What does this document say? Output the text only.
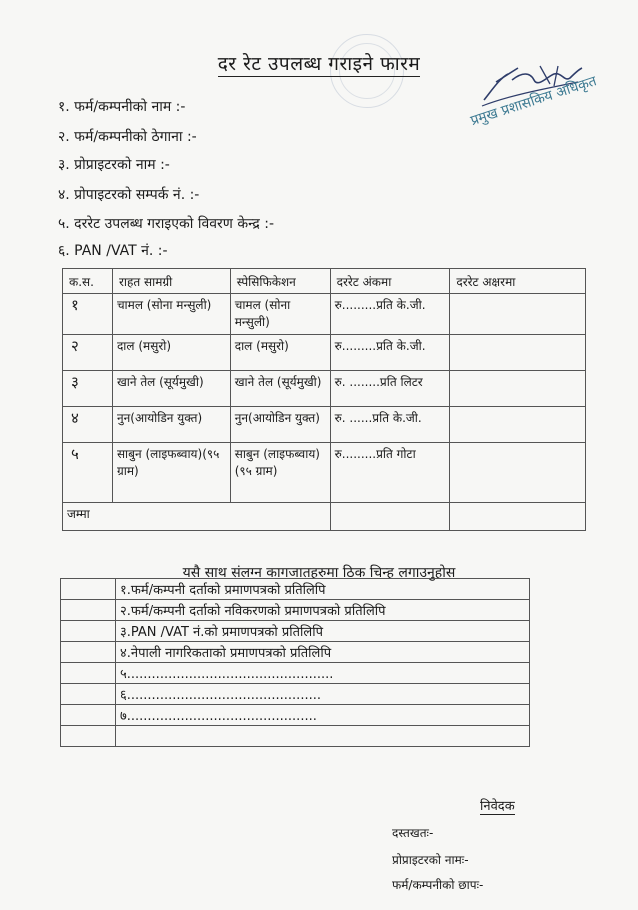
दर रेट उपलब्ध गराइने फारम
प्रमुख प्रशासकिय अधिकृत
१. फर्म/कम्पनीको नाम :-
२. फर्म/कम्पनीको ठेगाना :-
३. प्रोप्राइटरको नाम :-
४. प्रोपाइटरको सम्पर्क नं. :-
५. दररेट उपलब्ध गराइएको विवरण केन्द्र :-
६. PAN /VAT नं. :-
क.स.	राहत सामग्री	स्पेसिफिकेशन	दररेट अंकमा	दररेट अक्षरमा
१	चामल (सोना मन्सुली)	चामल (सोना मन्सुली)	रु.........प्रति के.जी.	
२	दाल (मसुरो)	दाल (मसुरो)	रु.........प्रति के.जी.	
३	खाने तेल (सूर्यमुखी)	खाने तेल (सूर्यमुखी)	रु. ........प्रति लिटर	
४	नुन(आयोडिन युक्त)	नुन(आयोडिन युक्त)	रु. ......प्रति के.जी.	
५	साबुन (लाइफब्वाय)(९५ ग्राम)	साबुन (लाइफब्वाय)(९५ ग्राम)	रु.........प्रति गोटा	
जम्मा				
यसै साथ संलग्न कागजातहरुमा ठिक चिन्ह लगाउनुहोस
	१.फर्म/कम्पनी दर्ताको प्रमाणपत्रको प्रतिलिपि
	२.फर्म/कम्पनी दर्ताको नविकरणको प्रमाणपत्रको प्रतिलिपि
	३.PAN /VAT नं.को प्रमाणपत्रको प्रतिलिपि
	४.नेपाली नागरिकताको प्रमाणपत्रको प्रतिलिपि
	५..................................................
	६...............................................
	७..............................................

निवेदक
दस्तखतः-
प्रोप्राइटरको नामः-
फर्म/कम्पनीको छापः-
